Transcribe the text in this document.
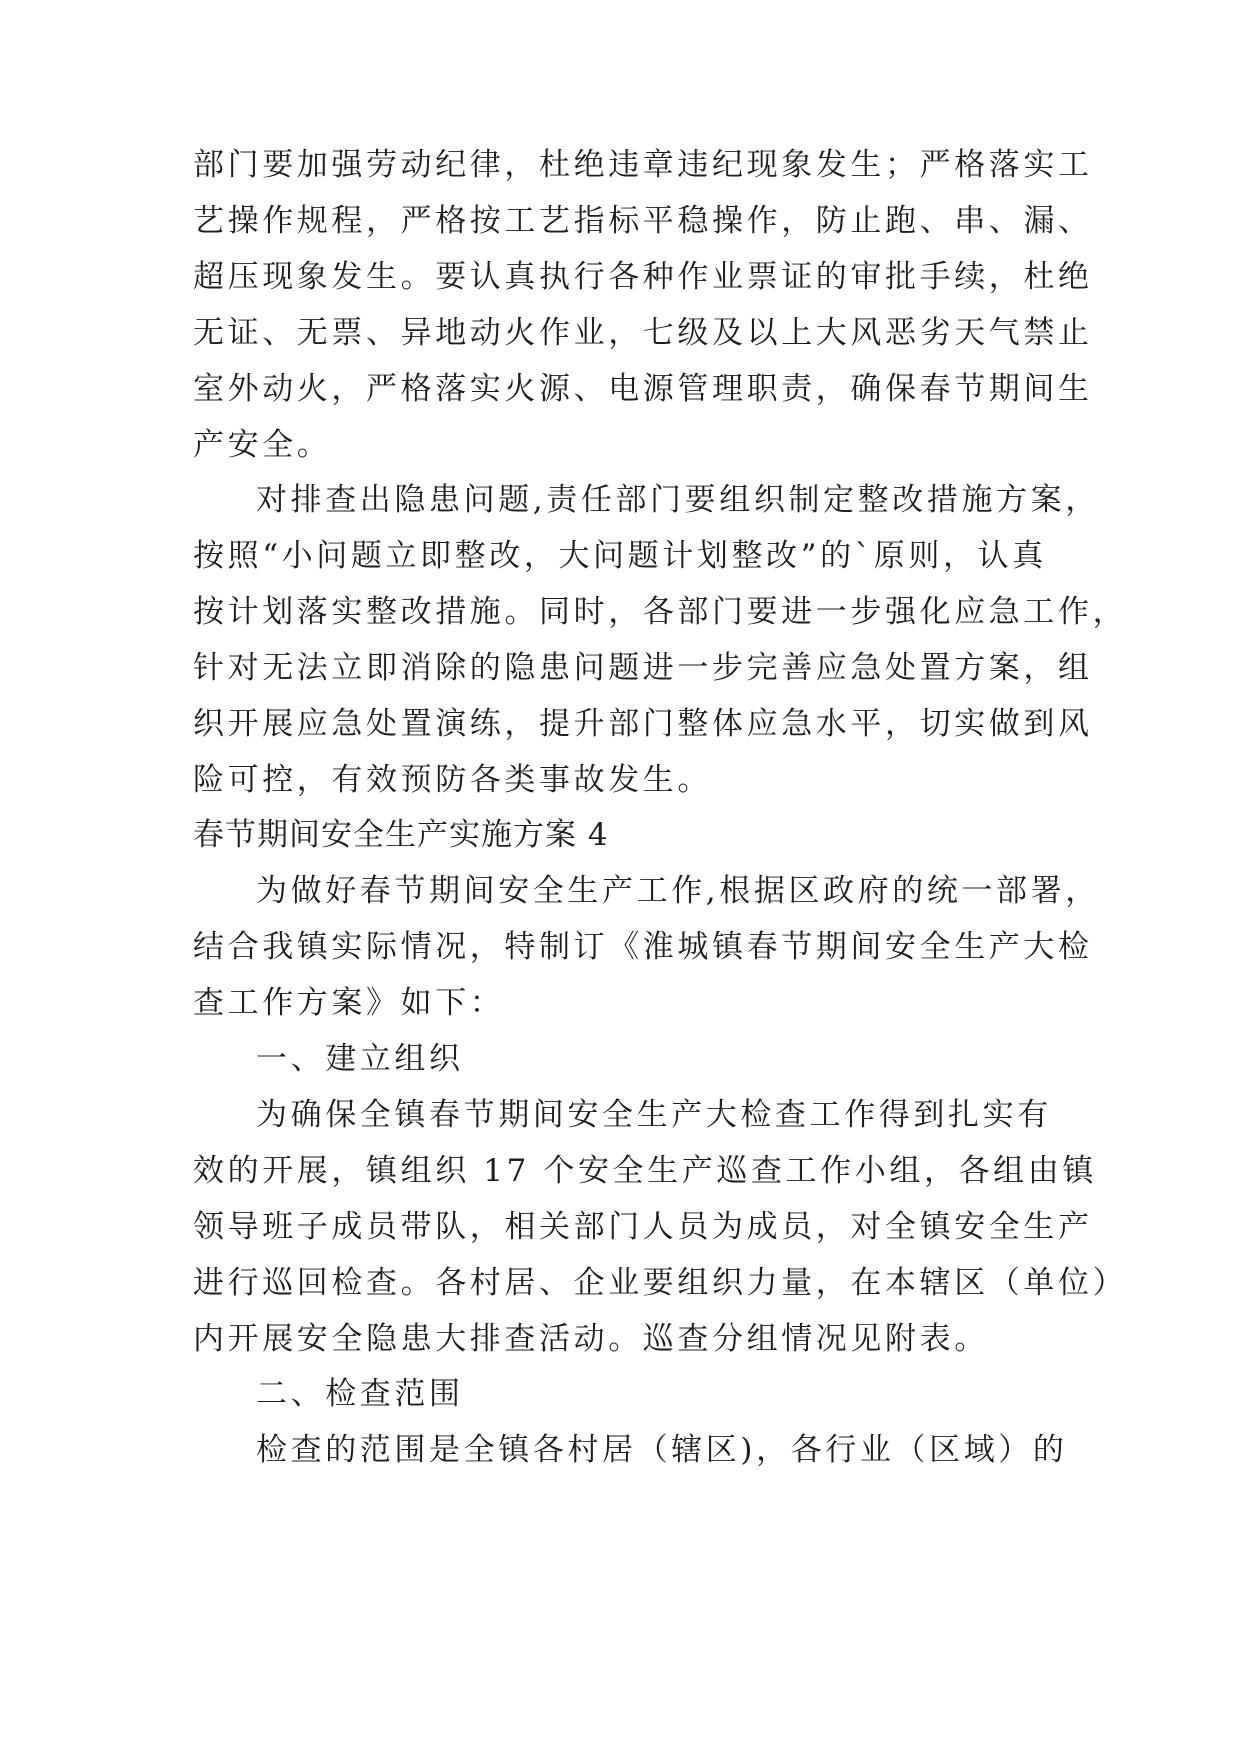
部门要加强劳动纪律，杜绝违章违纪现象发生；严格落实工
艺操作规程，严格按工艺指标平稳操作，防止跑、串、漏、
超压现象发生。要认真执行各种作业票证的审批手续，杜绝
无证、无票、异地动火作业，七级及以上大风恶劣天气禁止
室外动火，严格落实火源、电源管理职责，确保春节期间生
产安全。
对排查出隐患问题,责任部门要组织制定整改措施方案，
按照“小问题立即整改，大问题计划整改”的`原则，认真
按计划落实整改措施。同时，各部门要进一步强化应急工作，
针对无法立即消除的隐患问题进一步完善应急处置方案，组
织开展应急处置演练，提升部门整体应急水平，切实做到风
险可控，有效预防各类事故发生。
春节期间安全生产实施方案 4
为做好春节期间安全生产工作,根据区政府的统一部署，
结合我镇实际情况，特制订《淮城镇春节期间安全生产大检
查工作方案》如下：
一、建立组织
为确保全镇春节期间安全生产大检查工作得到扎实有
效的开展，镇组织 17 个安全生产巡查工作小组，各组由镇
领导班子成员带队，相关部门人员为成员，对全镇安全生产
进行巡回检查。各村居、企业要组织力量，在本辖区（单位）
内开展安全隐患大排查活动。巡查分组情况见附表。
二、检查范围
检查的范围是全镇各村居（辖区)，各行业（区域）的
